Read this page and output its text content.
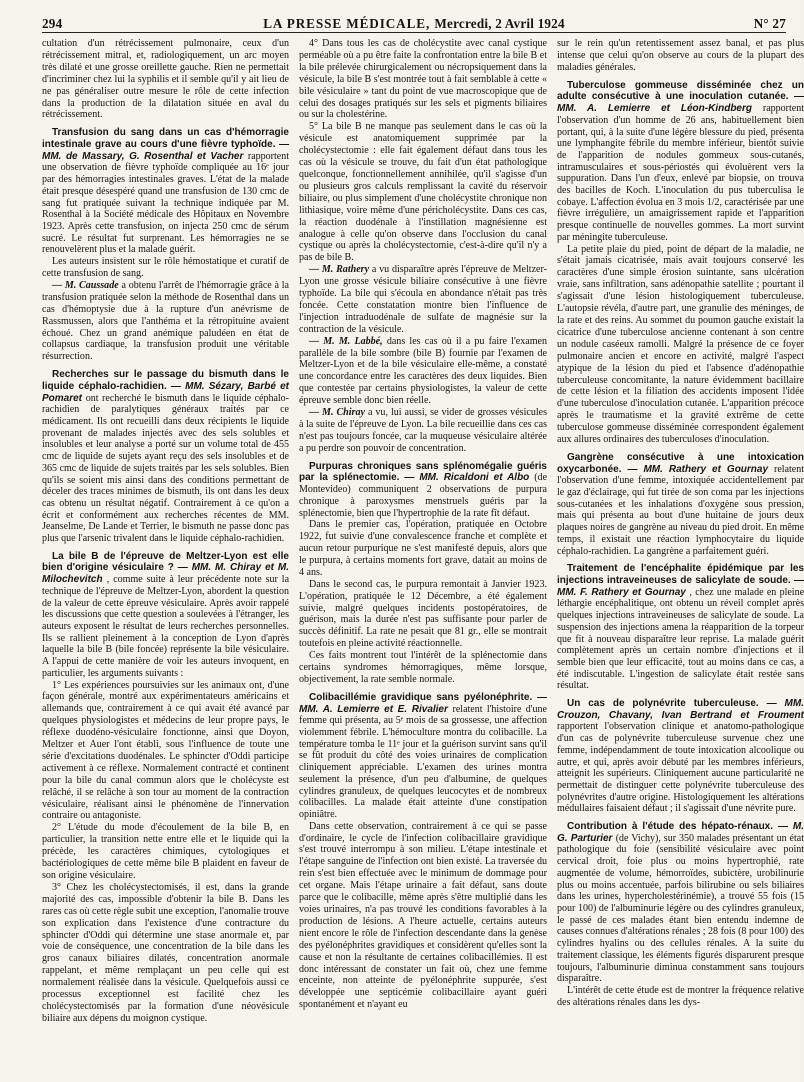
294	LA PRESSE MÉDICALE, Mercredi, 2 Avril 1924	N° 27

cultation d'un rétrécissement pulmonaire, ceux d'un rétrécissement mitral, et, radiologiquement, un arc moyen très dilaté et une grosse oreillette gauche. Rien ne permettait d'incriminer chez lui la syphilis et il semble qu'il y ait lieu de ne pas généraliser outre mesure le rôle de cette infection dans la production de la dilatation située en aval du rétrécissement.

Transfusion du sang dans un cas d'hémorragie intestinale grave au cours d'une fièvre typhoïde. — MM. de Massary, G. Rosenthal et Vacher rapportent une observation de fièvre typhoïde compliquée au 16ᵉ jour par des hémorragies intestinales graves. L'état de la malade était presque désespéré quand une transfusion de 130 cmc de sang fut pratiquée suivant la technique indiquée par M. Rosenthal à la Société médicale des Hôpitaux en Novembre 1923. Après cette transfusion, on injecta 250 cmc de sérum sucré. Le résultat fut surprenant. Les hémorragies ne se renouvelèrent plus et la malade guérit.

Les auteurs insistent sur le rôle hémostatique et curatif de cette transfusion de sang.

— M. Caussade a obtenu l'arrêt de l'hémorragie grâce à la transfusion pratiquée selon la méthode de Rosenthal dans un cas d'hémoptysie due à la rupture d'un anévrisme de Rassmussen, alors que l'anthéma et la rétropituine avaient échoué. Chez un grand anémique paludéen en état de collapsus cardiaque, la transfusion produit une véritable résurrection.

Recherches sur le passage du bismuth dans le liquide céphalo-rachidien. — MM. Sézary, Barbé et Pomaret ont recherché le bismuth dans le liquide céphalo-rachidien de paralytiques généraux traités par ce médicament. Ils ont recueilli dans deux récipients le liquide provenant de malades injectés avec des sels solubles et insolubles et leur analyse a porté sur un volume total de 455 cmc de liquide de sujets ayant reçu des sels insolubles et de 365 cmc de liquide de sujets traités par les sels solubles. Bien qu'ils se soient mis ainsi dans des conditions permettant de déceler des traces minimes de bismuth, ils ont dans les deux cas obtenu un résultat négatif. Contrairement à ce qu'on a écrit et conformément aux recherches récentes de MM. Jeanselme, De Lande et Terrier, le bismuth ne passe donc pas plus que l'arsenic trivalent dans le liquide céphalo-rachidien.
La bile B de l'épreuve de Meltzer-Lyon est elle bien d'origine vésiculaire ? — MM. M. Chiray et M. Milochevitch , comme suite à leur précédente note sur la technique de l'épreuve de Meltzer-Lyon, abordent la question de la valeur de cette épreuve vésiculaire. Après avoir rappelé les discussions que cette question a soulevées à l'étranger, les auteurs exposent le résultat de leurs recherches personnelles. Ils se rallient pleinement à la conception de Lyon d'après laquelle la bile B (bile foncée) représente la bile vésiculaire. A l'appui de cette manière de voir les auteurs invoquent, en particulier, les arguments suivants :

1° Les expériences poursuivies sur les animaux ont, d'une façon générale, montré aux expérimentateurs américains et allemands que, contrairement à ce qui avait été avancé par quelques physiologistes et médecins de leur propre pays, le réflexe duodéno-vésiculaire fonctionne, ainsi que Doyon, Meltzer et Auer l'ont établi, sous l'influence de toute une série d'excitations duodénales. Le sphincter d'Oddi participe activement à ce réflexe. Normalement contracté et continent pour la bile du canal commun alors que le cholécyste est relâché, il se relâche à son tour au moment de la contraction vésiculaire, réalisant ainsi le phénomène de l'innervation contraire ou antagoniste.

2° L'étude du mode d'écoulement de la bile B, en particulier, la transition nette entre elle et le liquide qui la précède, les caractères chimiques, cytologiques et bactériologiques de cette même bile B plaident en faveur de son origine vésiculaire.

3° Chez les cholécystectomisés, il est, dans la grande majorité des cas, impossible d'obtenir la bile B. Dans les rares cas où cette règle subit une exception, l'anomalie trouve son explication dans l'existence d'une contracture du sphincter d'Oddi qui détermine une stase anormale et, par voie de conséquence, une concentration de la bile dans les gros canaux biliaires dilatés, concentration anormale rappelant, et même remplaçant un peu celle qui est normalement réalisée dans la vésicule. Quelquefois aussi ce processus exceptionnel est facilité chez les cholécystectomisés par la formation d'une néovésicule biliaire aux dépens du moignon cystique.

4° Dans tous les cas de cholécystite avec canal cystique perméable où a pu être faite la confrontation entre la bile B et la bile prélevée chirurgicalement ou nécropsiquement dans la vésicule, la bile B s'est montrée tout à fait semblable à cette « bile vésiculaire » tant du point de vue macroscopique que de celui des dosages pratiqués sur les sels et pigments biliaires ou sur la cholestérine.

5° La bile B ne manque pas seulement dans le cas où la vésicule est anatomiquement supprimée par la cholécystectomie : elle fait également défaut dans tous les cas où la vésicule se trouve, du fait d'un état pathologique quelconque, fonctionnellement annihilée, qu'il s'agisse d'un ou plusieurs gros calculs remplissant la cavité du réservoir biliaire, ou plus simplement d'une cholécystite chronique non lithiasique, voire même d'une péricholécystite. Dans ces cas, la réaction duodénale à l'instillation magnésienne est analogue à celle qu'on observe dans l'occlusion du canal cystique ou après la cholécystectomie, c'est-à-dire qu'il n'y a pas de bile B.

— M. Rathery a vu disparaître après l'épreuve de Meltzer-Lyon une grosse vésicule biliaire consécutive à une fièvre typhoïde. La bile qui s'écoula en abondance n'était pas très foncée. Cette constatation montre bien l'influence de l'injection intraduodénale de sulfate de magnésie sur la contraction de la vésicule.

— M. M. Labbé, dans les cas où il a pu faire l'examen parallèle de la bile sombre (bile B) fournie par l'examen de Meltzer-Lyon et de la bile vésiculaire elle-même, a constaté une concordance entre les caractères des deux liquides. Bien que contestée par certains physiologistes, la valeur de cette épreuve semble donc bien réelle.

— M. Chiray a vu, lui aussi, se vider de grosses vésicules à la suite de l'épreuve de Lyon. La bile recueillie dans ces cas n'est pas toujours foncée, car la muqueuse vésiculaire altérée a pu perdre son pouvoir de concentration.

Purpuras chroniques sans splénomégalie guéris par la splénectomie. — MM. Ricaldoni et Albo (de Montevideo) communiquent 2 observations de purpura chronique à paroxysmes menstruels guéris par la splénectomie, bien que l'hypertrophie de la rate fît défaut.

Dans le premier cas, l'opération, pratiquée en Octobre 1922, fut suivie d'une convalescence franche et complète et aucun retour purpurique ne s'est manifesté depuis, alors que le purpura, à certains moments fort grave, datait au moins de 4 ans.

Dans le second cas, le purpura remontait à Janvier 1923. L'opération, pratiquée le 12 Décembre, a été également suivie, malgré quelques incidents postopératoires, de guérison, mais la durée n'est pas suffisante pour parler de succès définitif. La rate ne pesait que 81 gr., elle se montrait toutefois en pleine activité réactionnelle.

Ces faits montrent tout l'intérêt de la splénectomie dans certains syndromes hémorragiques, même lorsque, objectivement, la rate semble normale.

Colibacillémie gravidique sans pyélonéphrite. — MM. A. Lemierre et E. Rivalier relatent l'histoire d'une femme qui présenta, au 5ᵉ mois de sa grossesse, une affection violemment fébrile. L'hémoculture montra du colibacille. La température tomba le 11ᵉ jour et la guérison survint sans qu'il se fût produit du côté des voies urinaires de complication cliniquement appréciable. L'examen des urines montra seulement la présence, d'un peu d'albumine, de quelques cylindres granuleux, de quelques leucocytes et de nombreux colibacilles. La malade était atteinte d'une constipation opiniâtre.

Dans cette observation, contrairement à ce qui se passe d'ordinaire, le cycle de l'infection colibacillaire gravidique s'est trouvé interrompu à son milieu. L'étape intestinale et l'étape sanguine de l'infection ont bien existé. La traversée du rein s'est bien effectuée avec le minimum de dommage pour cet organe. Mais l'étape urinaire a fait défaut, sans doute parce que le colibacille, même après s'être multiplié dans les voies urinaires, n'a pas trouvé les conditions favorables à la production de lésions. A l'heure actuelle, certains auteurs nient encore le rôle de l'infection descendante dans la genèse des pyélonéphrites gravidiques et considèrent qu'elles sont la cause et non la résultante de certaines colibacillémies. Il est donc intéressant de constater un fait où, chez une femme enceinte, non atteinte de pyélonéphrite suppurée, s'est développée une septicémie colibacillaire ayant guéri spontanément et n'ayant eu

sur le rein qu'un retentissement assez banal, et pas plus intense que celui qu'on observe au cours de la plupart des maladies générales.

Tuberculose gommeuse disséminée chez un adulte consécutive à une inoculation cutanée. — MM. A. Lemierre et Léon-Kindberg rapportent l'observation d'un homme de 26 ans, habituellement bien portant, qui, à la suite d'une légère blessure du pied, présenta une lymphangite fébrile du membre inférieur, bientôt suivie de l'apparition de nodules gommeux sous-cutanés, intramusculaires et sous-périostés qui évoluèrent vers la suppuration. Dans l'un d'eux, enlevé par biopsie, on trouva des bacilles de Koch. L'inoculation du pus tuberculisa le cobaye. L'affection évolua en 3 mois 1/2, caractérisée par une fièvre irrégulière, un amaigrissement rapide et l'apparition presque continuelle de nouvelles gommes. La mort survint par méningite tuberculeuse.

La petite plaie du pied, point de départ de la maladie, ne s'était jamais cicatrisée, mais avait toujours conservé les caractères d'une simple érosion suintante, sans ulcération vraie, sans infiltration, sans adénopathie satellite ; pourtant il s'agissait d'une lésion histologiquement tuberculeuse. L'autopsie révéla, d'autre part, une granulie des méninges, de la rate et des reins. Au sommet du poumon gauche existait la cicatrice d'une tuberculose ancienne contenant à son centre un nodule caséeux ramolli. Malgré la présence de ce foyer pulmonaire ancien et encore en activité, malgré l'aspect atypique de la lésion du pied et l'absence d'adénopathie tuberculeuse concomitante, la nature évidemment bacillaire de cette lésion et la filiation des accidents imposent l'idée d'une tuberculose d'inoculation cutanée. L'apparition précoce après le traumatisme et la gravité extrême de cette tuberculose gommeuse disséminée correspondent également aux allures ordinaires des tuberculoses d'inoculation.

Gangrène consécutive à une intoxication oxycarbonée. — MM. Rathery et Gournay relatent l'observation d'une femme, intoxiquée accidentellement par le gaz d'éclairage, qui fut tirée de son coma par les injections sous-cutanées et les inhalations d'oxygène sous pression, mais qui présenta au bout d'une huitaine de jours deux plaques noires de gangrène au niveau du pied droit. En même temps, il existait une réaction lymphocytaire du liquide céphalo-rachidien. La gangrène a parfaitement guéri.
Traitement de l'encéphalite épidémique par les injections intraveineuses de salicylate de soude. — MM. F. Rathery et Gournay , chez une malade en pleine léthargie encéphalitique, ont obtenu un réveil complet après quelques injections intraveineuses de salicylate de soude. La suspension des injections amena la réapparition de la torpeur que fit à nouveau disparaître leur reprise. La malade guérit complètement après un certain nombre d'injections et il semble bien que leur efficacité, tout au moins dans ce cas, a été indiscutable. L'ingestion de salicylate était restée sans résultat.
Un cas de polynévrite tuberculeuse. — MM. Crouzon, Chavany, Ivan Bertrand et Froument rapportent l'observation clinique et anatomo-pathologique d'un cas de polynévrite tuberculeuse survenue chez une femme, indépendamment de toute intoxication alcoolique ou autre, et qui, après avoir débuté par les membres inférieurs, atteignit les supérieurs. Cliniquement aucune particularité ne permettait de distinguer cette polynévrite tuberculeuse des polynévrites d'autre origine. Histologiquement les altérations médullaires faisaient défaut ; il s'agissait d'une névrite pure.
Contribution à l'étude des hépato-rénaux. — M. G. Parturier (de Vichy), sur 350 malades présentant un état pathologique du foie (sensibilité vésiculaire avec point cervical droit, foie plus ou moins hypertrophié, rate augmentée de volume, hémorroïdes, subictère, urobilinurie plus ou moins accentuée, parfois bilirubine ou sels biliaires dans les urines, hypercholestérinémie), a trouvé 55 fois (15 pour 100) de l'albuminurie légère ou des cylindres granuleux, le passé de ces malades étant bien entendu indemne de causes connues d'altérations rénales ; 28 fois (8 pour 100) des cylindres hyalins ou des cellules rénales. A la suite du traitement classique, les éléments figurés disparurent presque toujours, l'albuminurie diminua constamment sans toujours disparaître.

L'intérêt de cette étude est de montrer la fréquence relative des altérations rénales dans les dys-
